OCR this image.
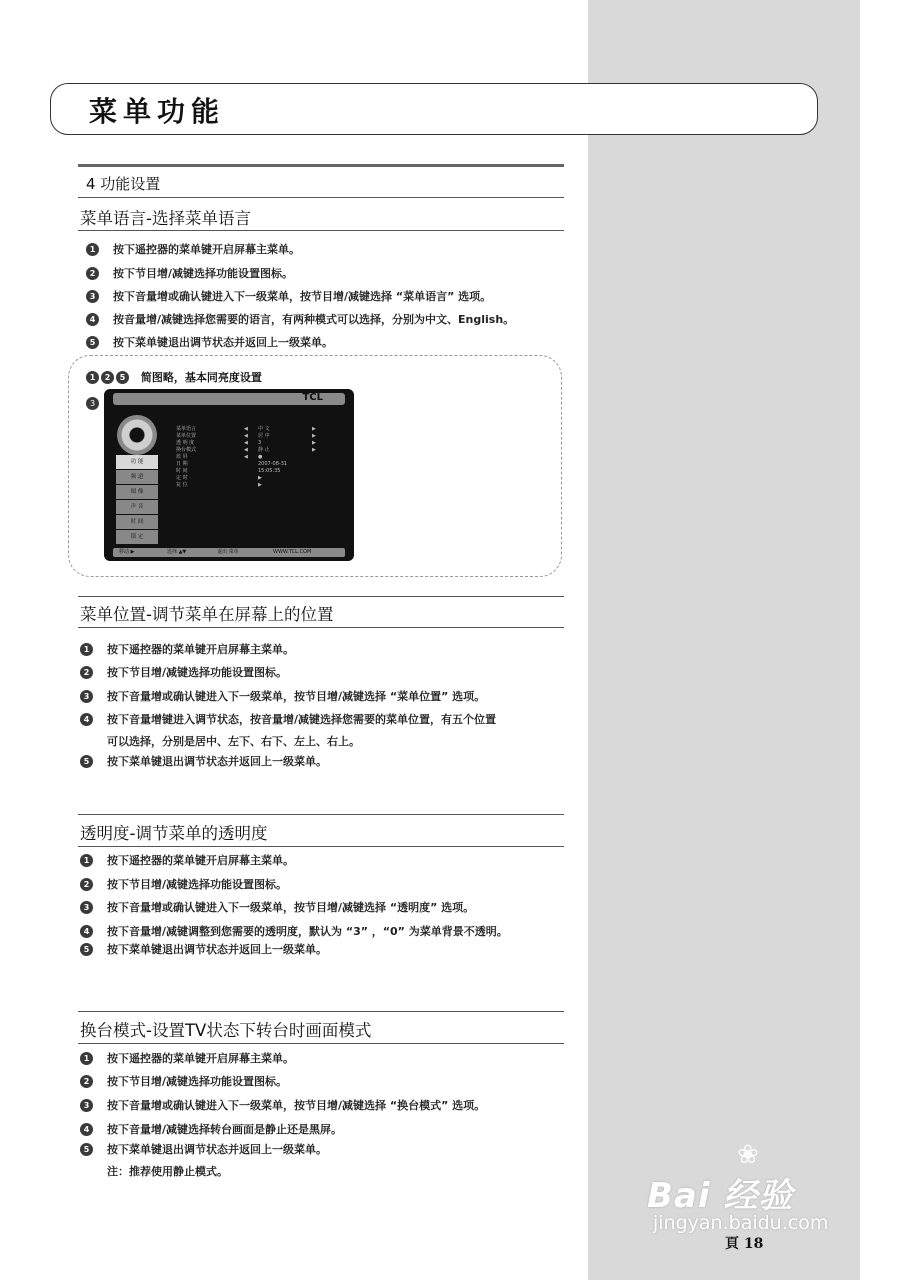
菜单功能
4 功能设置
菜单语言-选择菜单语言
1 按下遥控器的菜单键开启屏幕主菜单。
2 按下节目增/减键选择功能设置图标。
3 按下音量增或确认键进入下一级菜单，按节目增/减键选择 “菜单语言” 选项。
4 按音量增/减键选择您需要的语言，有两种模式可以选择，分别为中文、English。
5 按下菜单键退出调节状态并返回上一级菜单。
1 2 5 简图略，基本同亮度设置
3
TCL
功 能
频 道
图 像
声 音
时 间
锁 定
菜单语言	◀ 中 文	▶
菜单位置	◀ 居 中	▶
透 明 度	◀ 3	▶
换台模式	◀ 静 止	▶
蓝 屏	◀ ●
日 期	2007-08-31
时 间	15:05:35
定 时	▶
复 位	▶
移动 ▶	选择 ▲▼	退出 菜单	WWW.TCL.COM
菜单位置-调节菜单在屏幕上的位置
1 按下遥控器的菜单键开启屏幕主菜单。
2 按下节目增/减键选择功能设置图标。
3 按下音量增或确认键进入下一级菜单，按节目增/减键选择 “菜单位置” 选项。
4 按下音量增键进入调节状态，按音量增/减键选择您需要的菜单位置，有五个位置
可以选择，分别是居中、左下、右下、左上、右上。
5 按下菜单键退出调节状态并返回上一级菜单。
透明度-调节菜单的透明度
1 按下遥控器的菜单键开启屏幕主菜单。
2 按下节目增/减键选择功能设置图标。
3 按下音量增或确认键进入下一级菜单，按节目增/减键选择 “透明度” 选项。
4 按下音量增/减键调整到您需要的透明度，默认为 “3” ，“0” 为菜单背景不透明。
5 按下菜单键退出调节状态并返回上一级菜单。
换台模式-设置TV状态下转台时画面模式
1 按下遥控器的菜单键开启屏幕主菜单。
2 按下节目增/减键选择功能设置图标。
3 按下音量增或确认键进入下一级菜单，按节目增/减键选择 “换台模式” 选项。
4 按下音量增/减键选择转台画面是静止还是黑屏。
5 按下菜单键退出调节状态并返回上一级菜单。
注：推荐使用静止模式。
❀
Bai 经验
jingyan.baidu.com
頁 18
